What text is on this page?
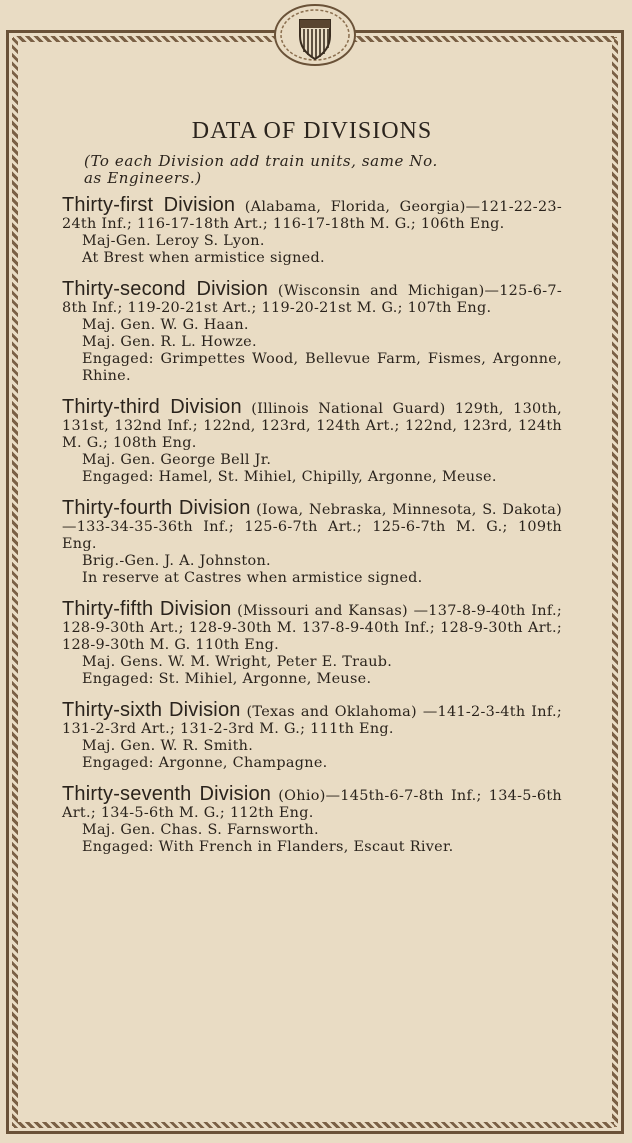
DATA OF DIVISIONS
(To each Division add train units, same No.
as Engineers.)

Thirty-first Division (Alabama, Florida, Georgia)—121-22-23-24th Inf.; 116-17-18th Art.; 116-17-18th M. G.; 106th Eng.

Maj-Gen. Leroy S. Lyon.

At Brest when armistice signed.

Thirty-second Division (Wisconsin and Michigan)—125-6-7-8th Inf.; 119-20-21st Art.; 119-20-21st M. G.; 107th Eng.

Maj. Gen. W. G. Haan.

Maj. Gen. R. L. Howze.

Engaged: Grimpettes Wood, Bellevue Farm, Fismes, Argonne, Rhine.

Thirty-third Division (Illinois National Guard) 129th, 130th, 131st, 132nd Inf.; 122nd, 123rd, 124th Art.; 122nd, 123rd, 124th M. G.; 108th Eng.

Maj. Gen. George Bell Jr.

Engaged: Hamel, St. Mihiel, Chipilly, Argonne, Meuse.

Thirty-fourth Division (Iowa, Nebraska, Minnesota, S. Dakota)—133-34-35-36th Inf.; 125-6-7th Art.; 125-6-7th M. G.; 109th Eng.

Brig.-Gen. J. A. Johnston.

In reserve at Castres when armistice signed.

Thirty-fifth Division (Missouri and Kansas) —137-8-9-40th Inf.; 128-9-30th Art.; 128-9-30th M. 137-8-9-40th Inf.; 128-9-30th Art.; 128-9-30th M. G. 110th Eng.

Maj. Gens. W. M. Wright, Peter E. Traub.

Engaged: St. Mihiel, Argonne, Meuse.

Thirty-sixth Division (Texas and Oklahoma) —141-2-3-4th Inf.; 131-2-3rd Art.; 131-2-3rd M. G.; 111th Eng.

Maj. Gen. W. R. Smith.

Engaged: Argonne, Champagne.

Thirty-seventh Division (Ohio)—145th-6-7-8th Inf.; 134-5-6th Art.; 134-5-6th M. G.; 112th Eng.

Maj. Gen. Chas. S. Farnsworth.

Engaged: With French in Flanders, Escaut River.
